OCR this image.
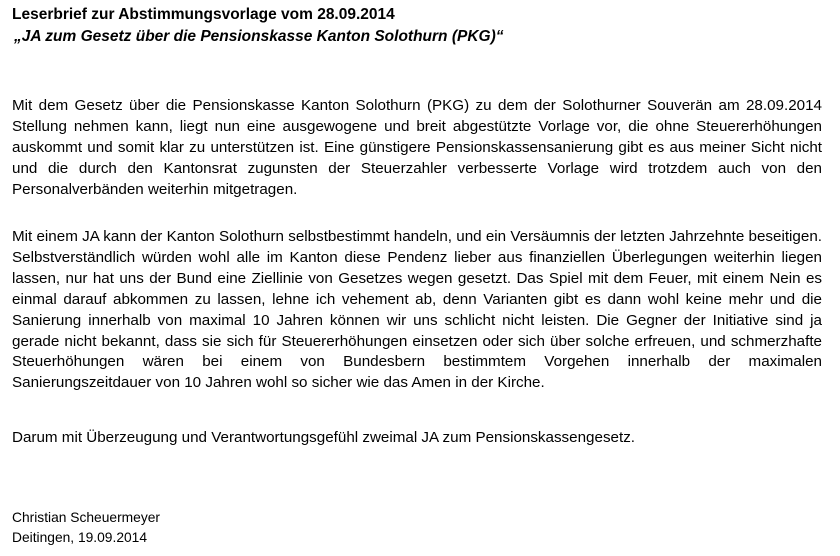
Leserbrief zur Abstimmungsvorlage vom 28.09.2014
„JA zum Gesetz über die Pensionskasse Kanton Solothurn (PKG)“
Mit dem Gesetz über die Pensionskasse Kanton Solothurn (PKG) zu dem der Solothurner Souverän am 28.09.2014 Stellung nehmen kann, liegt nun eine ausgewogene und breit abgestützte Vorlage vor, die ohne Steuererhöhungen auskommt und somit klar zu unterstützen ist. Eine günstigere Pensionskassensanierung gibt es aus meiner Sicht nicht und die durch den Kantonsrat zugunsten der Steuerzahler verbesserte Vorlage wird trotzdem auch von den Personalverbänden weiterhin mitgetragen.
Mit einem JA kann der Kanton Solothurn selbstbestimmt handeln, und ein Versäumnis der letzten Jahrzehnte beseitigen. Selbstverständlich würden wohl alle im Kanton diese Pendenz lieber aus finanziellen Überlegungen weiterhin liegen lassen, nur hat uns der Bund eine Ziellinie von Gesetzes wegen gesetzt. Das Spiel mit dem Feuer, mit einem Nein es einmal darauf abkommen zu lassen, lehne ich vehement ab, denn Varianten gibt es dann wohl keine mehr und die Sanierung innerhalb von maximal 10 Jahren können wir uns schlicht nicht leisten. Die Gegner der Initiative sind ja gerade nicht bekannt, dass sie sich für Steuererhöhungen einsetzen oder sich über solche erfreuen, und schmerzhafte Steuerhöhungen wären bei einem von Bundesbern bestimmtem Vorgehen innerhalb der maximalen Sanierungszeitdauer von 10 Jahren wohl so sicher wie das Amen in der Kirche.
Darum mit Überzeugung und Verantwortungsgefühl zweimal JA zum Pensionskassengesetz.
Christian Scheuermeyer
Deitingen, 19.09.2014
